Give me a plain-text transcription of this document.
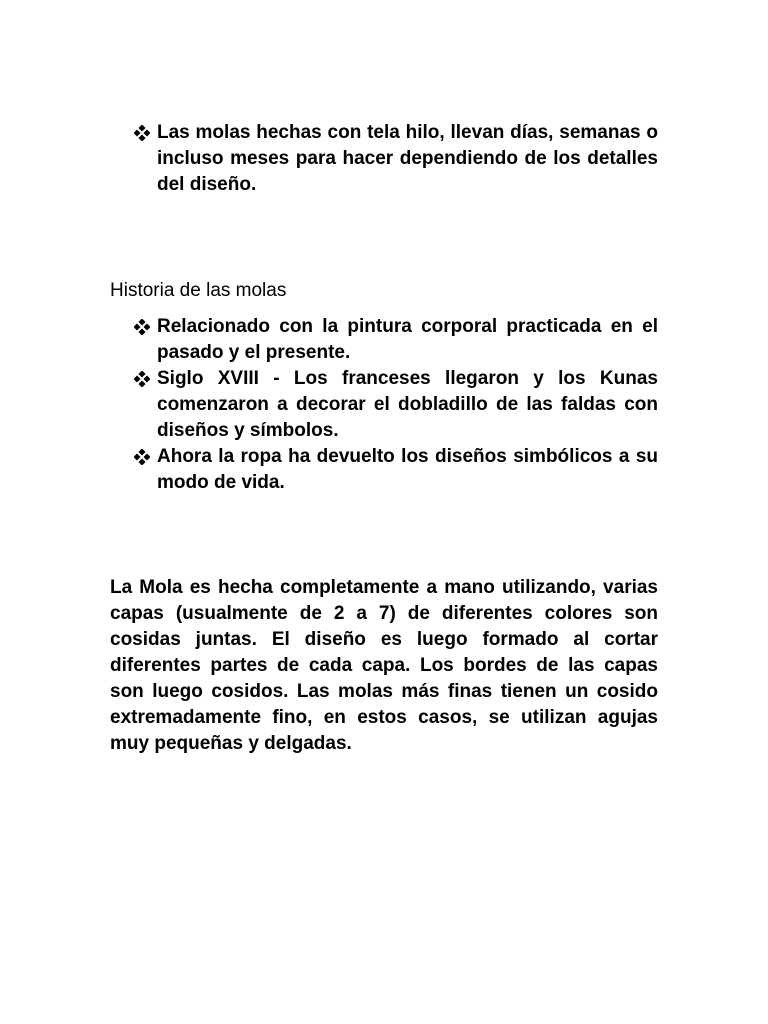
Las molas hechas con tela hilo, llevan días, semanas o incluso meses para hacer dependiendo de los detalles del diseño.
Historia de las molas
Relacionado con la pintura corporal practicada en el pasado y el presente.
Siglo XVIII - Los franceses llegaron y los Kunas comenzaron a decorar el dobladillo de las faldas con diseños y símbolos.
Ahora la ropa ha devuelto los diseños simbólicos a su modo de vida.

La Mola es hecha completamente a mano utilizando, varias capas (usualmente de 2 a 7) de diferentes colores son cosidas juntas. El diseño es luego formado al cortar diferentes partes de cada capa. Los bordes de las capas son luego cosidos. Las molas más finas tienen un cosido extremadamente fino, en estos casos, se utilizan agujas muy pequeñas y delgadas.
